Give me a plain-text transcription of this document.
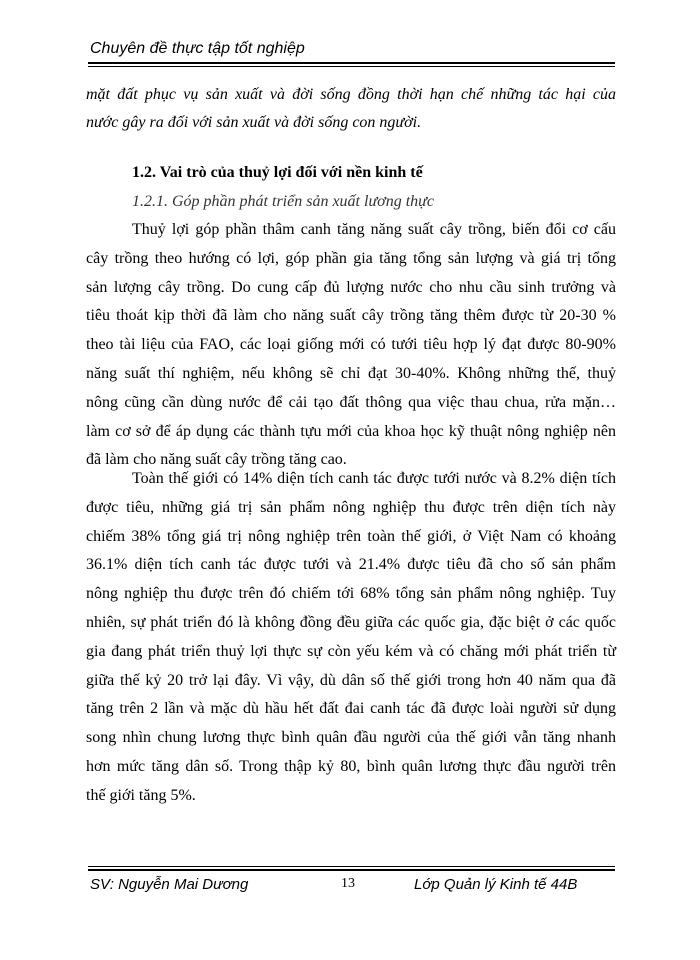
Chuyên đề thực tập tốt nghiệp
mặt đất phục vụ sản xuất và đời sống đồng thời hạn chế những tác hại của
nước gây ra đối với sản xuất và đời sống con người.
1.2. Vai trò của thuỷ lợi đối với nền kinh tế
1.2.1. Góp phần phát triển sản xuất lương thực
Thuỷ lợi góp phần thâm canh tăng năng suất cây trồng, biến đổi cơ cấu
cây trồng theo hướng có lợi, góp phần gia tăng tổng sản lượng và giá trị tổng
sản lượng cây trồng. Do cung cấp đủ lượng nước cho nhu cầu sinh trưởng và
tiêu thoát kịp thời đã làm cho năng suất cây trồng tăng thêm được từ 20-30 %
theo tài liệu của FAO, các loại giống mới có tưới tiêu hợp lý đạt được 80-90%
năng suất thí nghiệm, nếu không sẽ chỉ đạt 30-40%. Không những thế, thuỷ
nông cũng cần dùng nước để cải tạo đất thông qua việc thau chua, rửa mặn…
làm cơ sở để áp dụng các thành tựu mới của khoa học kỹ thuật nông nghiệp nên
đã làm cho năng suất cây trồng tăng cao.
Toàn thế giới có 14% diện tích canh tác được tưới nước và 8.2% diện tích
được tiêu, những giá trị sản phẩm nông nghiệp thu được trên diện tích này
chiếm 38% tổng giá trị nông nghiệp trên toàn thế giới, ở Việt Nam có khoảng
36.1% diện tích canh tác được tưới và 21.4% được tiêu đã cho số sản phẩm
nông nghiệp thu được trên đó chiếm tới 68% tổng sản phẩm nông nghiệp. Tuy
nhiên, sự phát triển đó là không đồng đều giữa các quốc gia, đặc biệt ở các quốc
gia đang phát triển thuỷ lợi thực sự còn yếu kém và có chăng mới phát triển từ
giữa thế kỷ 20 trở lại đây. Vì vậy, dù dân số thế giới trong hơn 40 năm qua đã
tăng trên 2 lần và mặc dù hầu hết đất đai canh tác đã được loài người sử dụng
song nhìn chung lương thực bình quân đầu người của thế giới vẫn tăng nhanh
hơn mức tăng dân số. Trong thập kỷ 80, bình quân lương thực đầu người trên
thế giới tăng 5%.
SV: Nguyễn Mai Dương	13	Lớp Quản lý Kinh tế 44B
